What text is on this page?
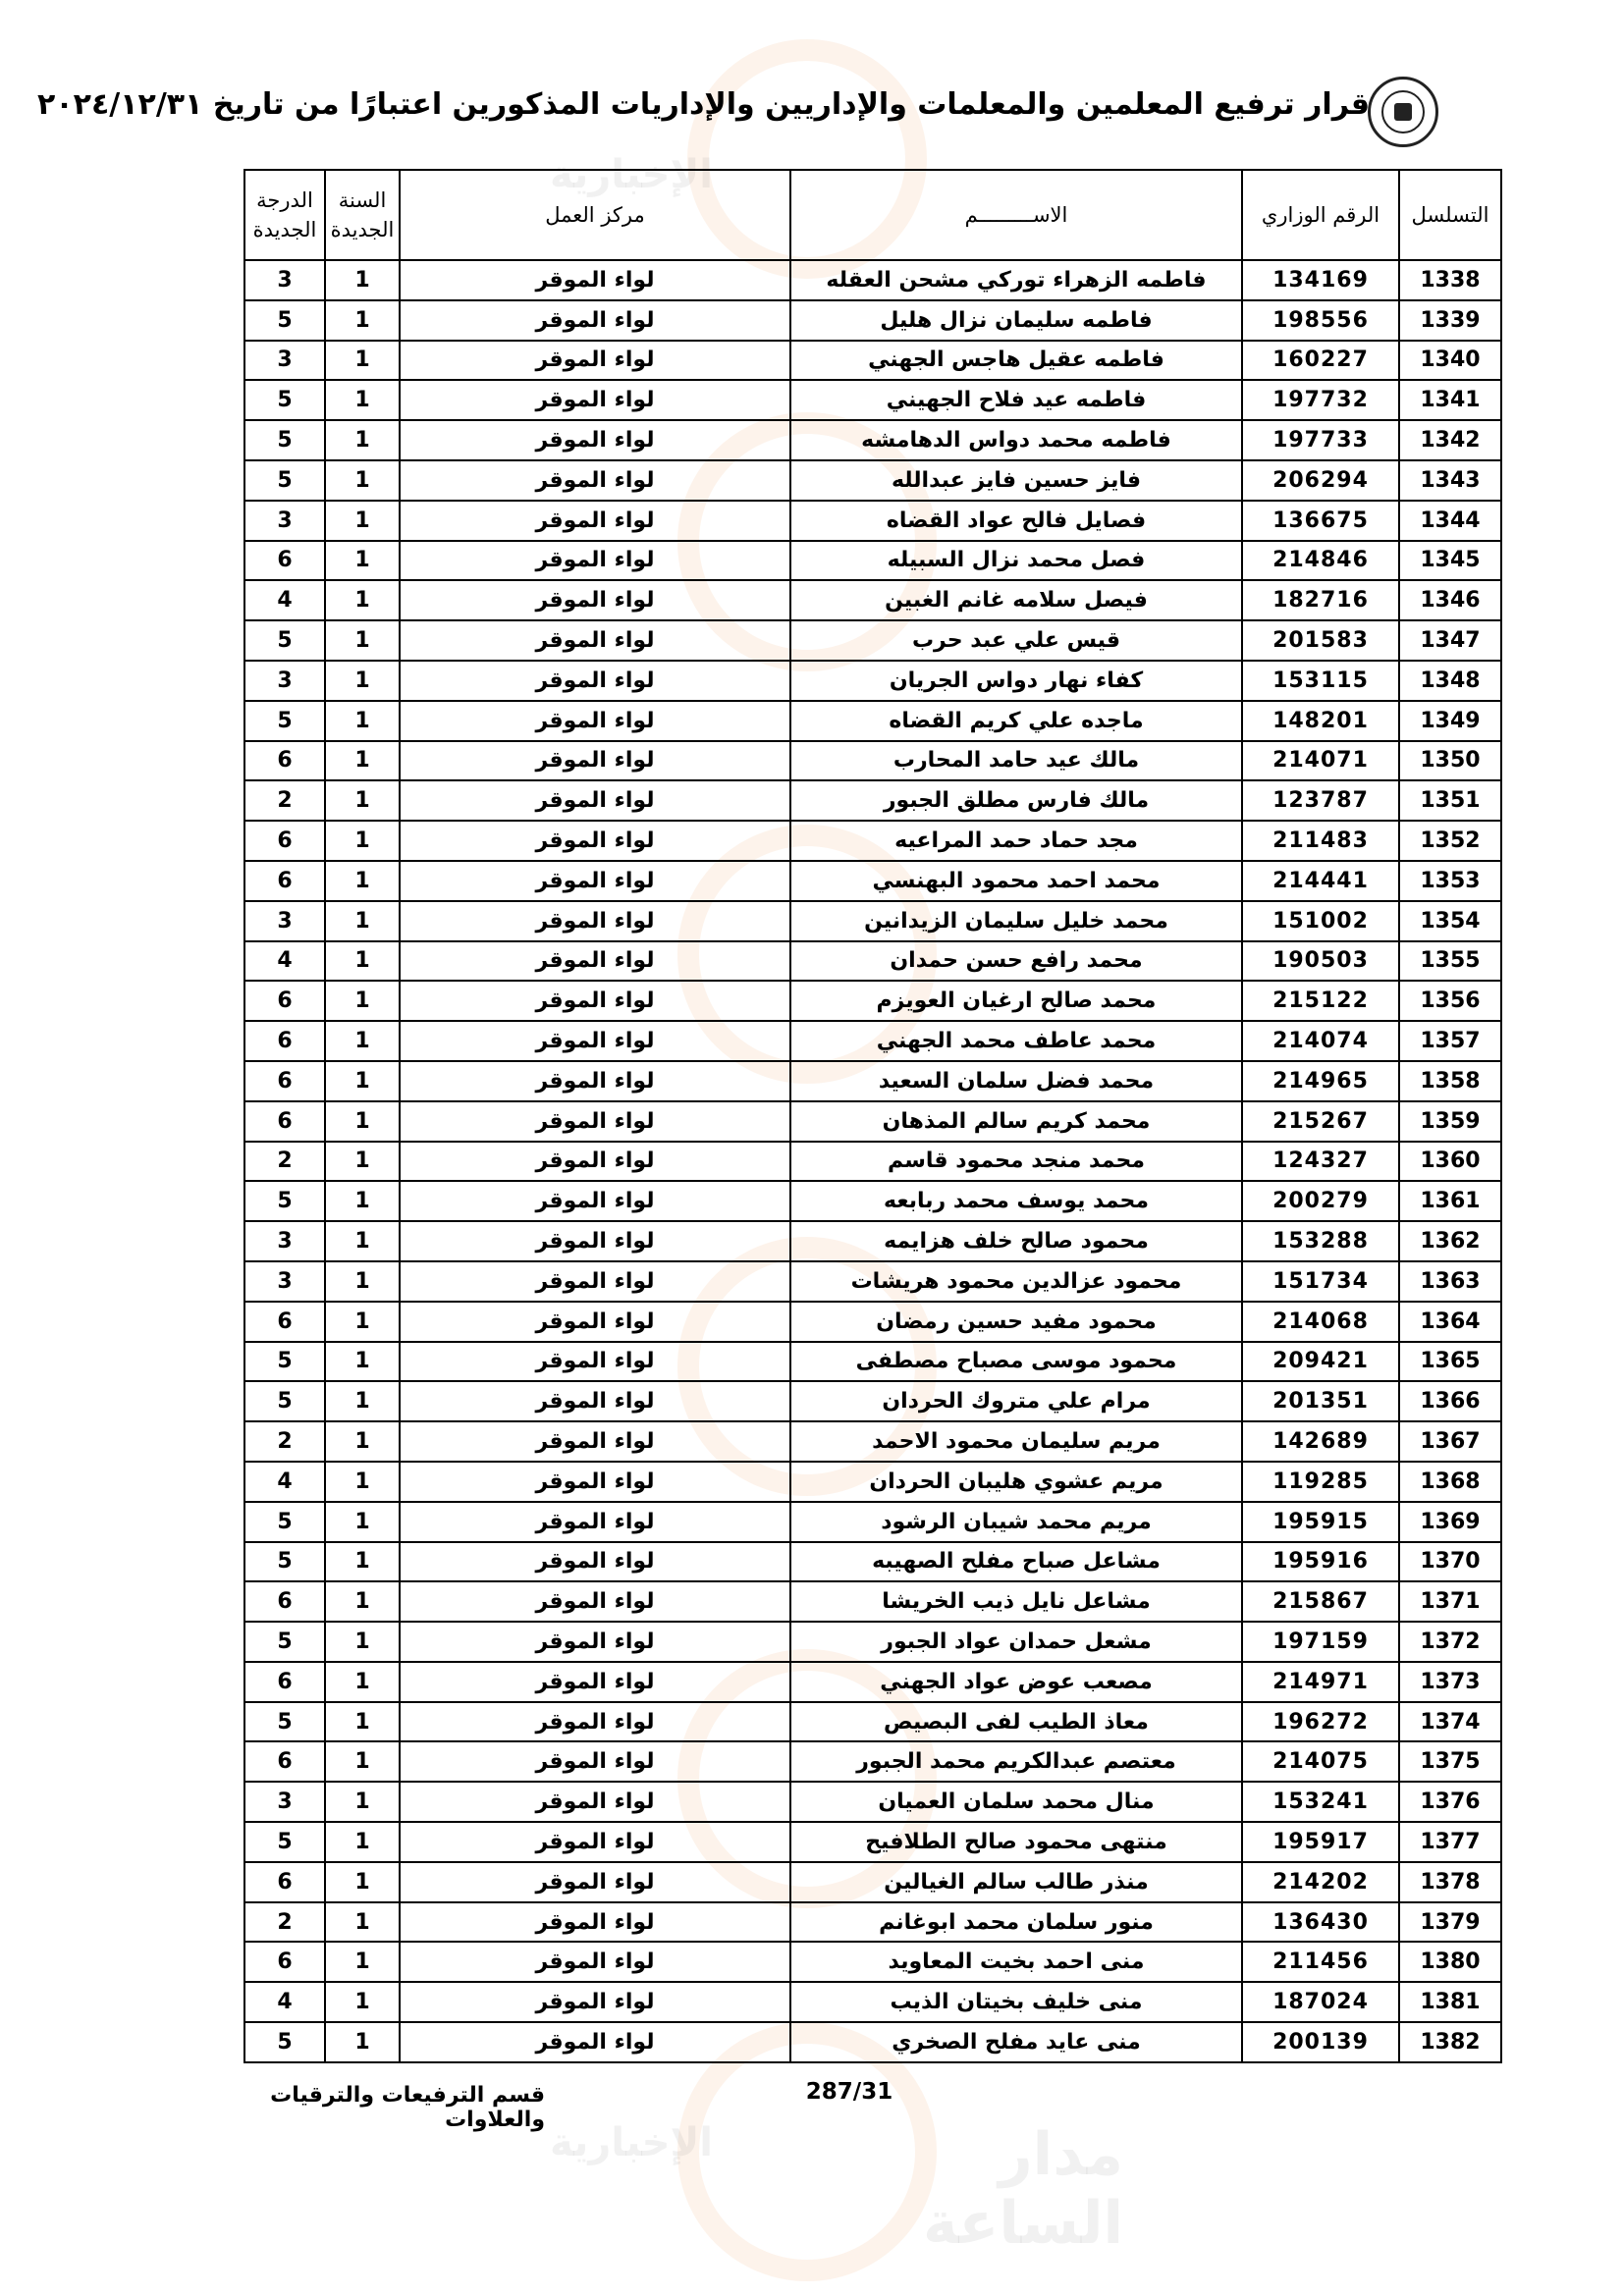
الإخبارية
الإخبارية	مدار الساعة
قرار ترفيع المعلمين والمعلمات والإداريين والإداريات المذكورين اعتبارًا من تاريخ ٢٠٢٤/١٢/٣١
التسلسل	الرقم الوزاري	الاســـــــــم	مركز العمل	السنة الجديدة	الدرجة الجديدة
1338	134169	فاطمه الزهراء توركي مشحن العقله	لواء الموقر	1	3
1339	198556	فاطمه سليمان نزال هليل	لواء الموقر	1	5
1340	160227	فاطمه عقيل هاجس الجهني	لواء الموقر	1	3
1341	197732	فاطمه عيد فلاح الجهيني	لواء الموقر	1	5
1342	197733	فاطمه محمد دواس الدهامشه	لواء الموقر	1	5
1343	206294	فايز حسين فايز عبدالله	لواء الموقر	1	5
1344	136675	فصايل فالح عواد القضاه	لواء الموقر	1	3
1345	214846	فصل محمد نزال السبيله	لواء الموقر	1	6
1346	182716	فيصل سلامه غانم الغبين	لواء الموقر	1	4
1347	201583	قيس علي عبد حرب	لواء الموقر	1	5
1348	153115	كفاء نهار دواس الجريان	لواء الموقر	1	3
1349	148201	ماجده علي كريم القضاه	لواء الموقر	1	5
1350	214071	مالك عيد حامد المحارب	لواء الموقر	1	6
1351	123787	مالك فارس مطلق الجبور	لواء الموقر	1	2
1352	211483	مجد حماد حمد المراعيه	لواء الموقر	1	6
1353	214441	محمد احمد محمود البهنسي	لواء الموقر	1	6
1354	151002	محمد خليل سليمان الزيدانين	لواء الموقر	1	3
1355	190503	محمد رافع حسن حمدان	لواء الموقر	1	4
1356	215122	محمد صالح ارغيان العويزم	لواء الموقر	1	6
1357	214074	محمد عاطف محمد الجهني	لواء الموقر	1	6
1358	214965	محمد فضل سلمان السعيد	لواء الموقر	1	6
1359	215267	محمد كريم سالم المذهان	لواء الموقر	1	6
1360	124327	محمد منجد محمود قاسم	لواء الموقر	1	2
1361	200279	محمد يوسف محمد ربابعه	لواء الموقر	1	5
1362	153288	محمود صالح خلف هزايمه	لواء الموقر	1	3
1363	151734	محمود عزالدين محمود هريشات	لواء الموقر	1	3
1364	214068	محمود مفيد حسين رمضان	لواء الموقر	1	6
1365	209421	محمود موسى مصباح مصطفى	لواء الموقر	1	5
1366	201351	مرام علي متروك الحردان	لواء الموقر	1	5
1367	142689	مريم سليمان محمود الاحمد	لواء الموقر	1	2
1368	119285	مريم عشوي هليبان الحردان	لواء الموقر	1	4
1369	195915	مريم محمد شيبان الرشود	لواء الموقر	1	5
1370	195916	مشاعل صباح مفلح الصهيبه	لواء الموقر	1	5
1371	215867	مشاعل نايل ذيب الخريشا	لواء الموقر	1	6
1372	197159	مشعل حمدان عواد الجبور	لواء الموقر	1	5
1373	214971	مصعب عوض عواد الجهني	لواء الموقر	1	6
1374	196272	معاذ الطيب لفى البصيص	لواء الموقر	1	5
1375	214075	معتصم عبدالكريم محمد الجبور	لواء الموقر	1	6
1376	153241	منال محمد سلمان العميان	لواء الموقر	1	3
1377	195917	منتهى محمود صالح الطلافيح	لواء الموقر	1	5
1378	214202	منذر طالب سالم الغيالين	لواء الموقر	1	6
1379	136430	منور سلمان محمد ابوغانم	لواء الموقر	1	2
1380	211456	منى احمد بخيت المعاويد	لواء الموقر	1	6
1381	187024	منى خليف بخيتان الذيب	لواء الموقر	1	4
1382	200139	منى عايد مفلح الصخري	لواء الموقر	1	5
قسم الترفيعات والترقيات والعلاوات
287/31
